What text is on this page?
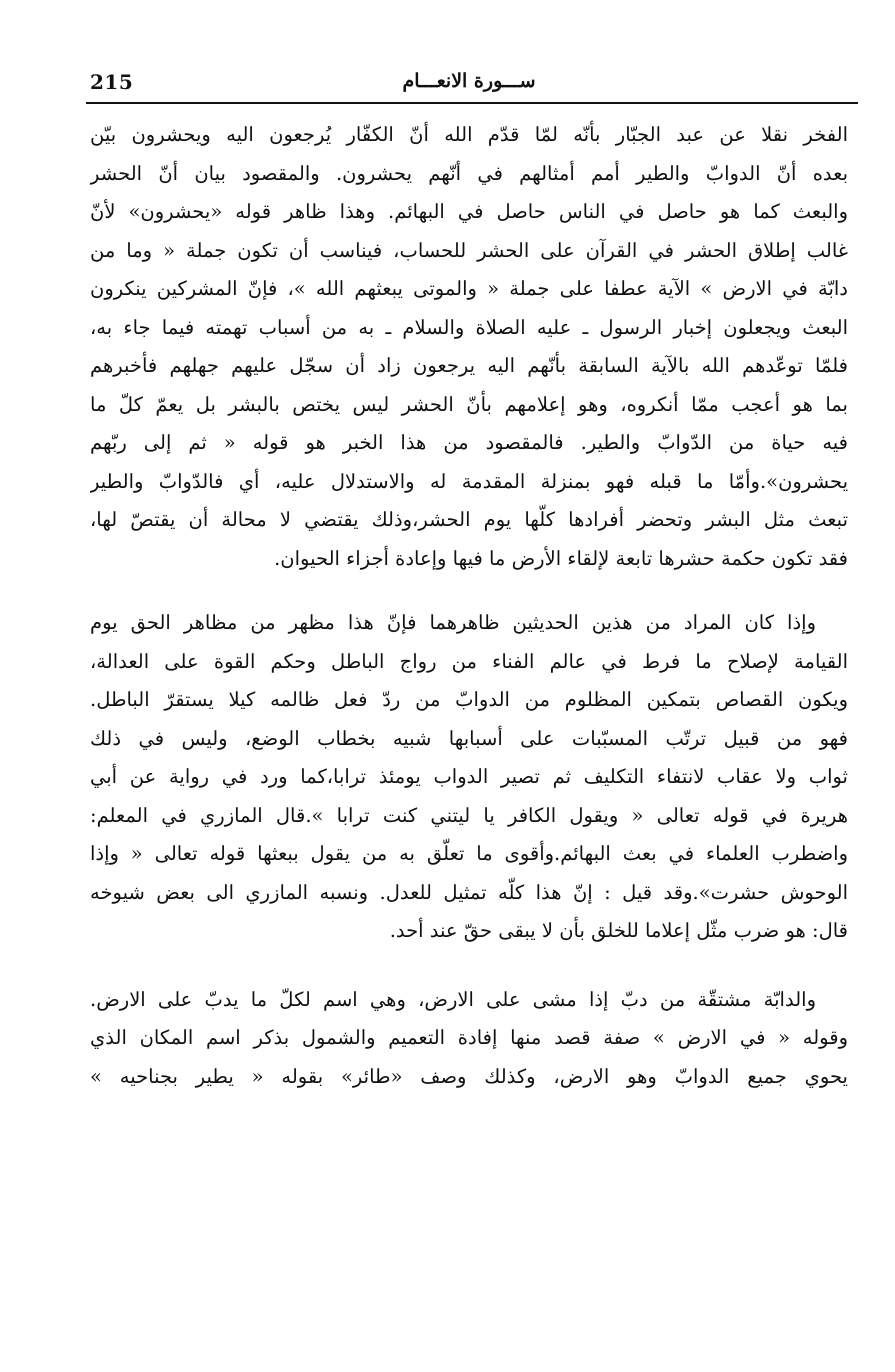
215	ســـورة الانعـــام
الفخر نقلا عن عبد الجبّار بأنّه لمّا قدّم الله أنّ الكفّار يُرجعون اليه ويحشرون بيّن
بعده أنّ الدوابّ والطير أمم أمثالهم في أنّهم يحشرون. والمقصود بيان أنّ الحشر
والبعث كما هو حاصل في الناس حاصل في البهائم. وهذا ظاهر قوله «يحشرون» لأنّ
غالب إطلاق الحشر في القرآن على الحشر للحساب، فيناسب أن تكون جملة « وما من
دابّة في الارض » الآية عطفا على جملة « والموتى يبعثهم الله »، فإنّ المشركين ينكرون
البعث ويجعلون إخبار الرسول ـ عليه الصلاة والسلام ـ به من أسباب تهمته فيما جاء به،
فلمّا توعّدهم الله بالآية السابقة بأنّهم اليه يرجعون زاد أن سجّل عليهم جهلهم فأخبرهم
بما هو أعجب ممّا أنكروه، وهو إعلامهم بأنّ الحشر ليس يختص بالبشر بل يعمّ كلّ ما
فيه حياة من الدّوابّ والطير. فالمقصود من هذا الخبر هو قوله « ثم إلى ربّهم
يحشرون».وأمّا ما قبله فهو بمنزلة المقدمة له والاستدلال عليه، أي فالدّوابّ والطير
تبعث مثل البشر وتحضر أفرادها كلّها يوم الحشر،وذلك يقتضي لا محالة أن يقتصّ لها،
فقد تكون حكمة حشرها تابعة لإلقاء الأرض ما فيها وإعادة أجزاء الحيوان.
وإذا كان المراد من هذين الحديثين ظاهرهما فإنّ هذا مظهر من مظاهر الحق يوم
القيامة لإصلاح ما فرط في عالم الفناء من رواج الباطل وحكم القوة على العدالة،
ويكون القصاص بتمكين المظلوم من الدوابّ من ردّ فعل ظالمه كيلا يستقرّ الباطل.
فهو من قبيل ترتّب المسبّبات على أسبابها شبيه بخطاب الوضع، وليس في ذلك
ثواب ولا عقاب لانتفاء التكليف ثم تصير الدواب يومئذ ترابا،كما ورد في رواية عن أبي
هريرة في قوله تعالى « ويقول الكافر يا ليتني كنت ترابا ».قال المازري في المعلم:
واضطرب العلماء في بعث البهائم.وأقوى ما تعلّق به من يقول ببعثها قوله تعالى « وإذا
الوحوش حشرت».وقد قيل : إنّ هذا كلّه تمثيل للعدل. ونسبه المازري الى بعض شيوخه
قال: هو ضرب مثّل إعلاما للخلق بأن لا يبقى حقّ عند أحد.
والدابّة مشتقّة من دبّ إذا مشى على الارض، وهي اسم لكلّ ما يدبّ على الارض.
وقوله « في الارض » صفة قصد منها إفادة التعميم والشمول بذكر اسم المكان الذي
يحوي جميع الدوابّ وهو الارض، وكذلك وصف «طائر» بقوله « يطير بجناحيه »
